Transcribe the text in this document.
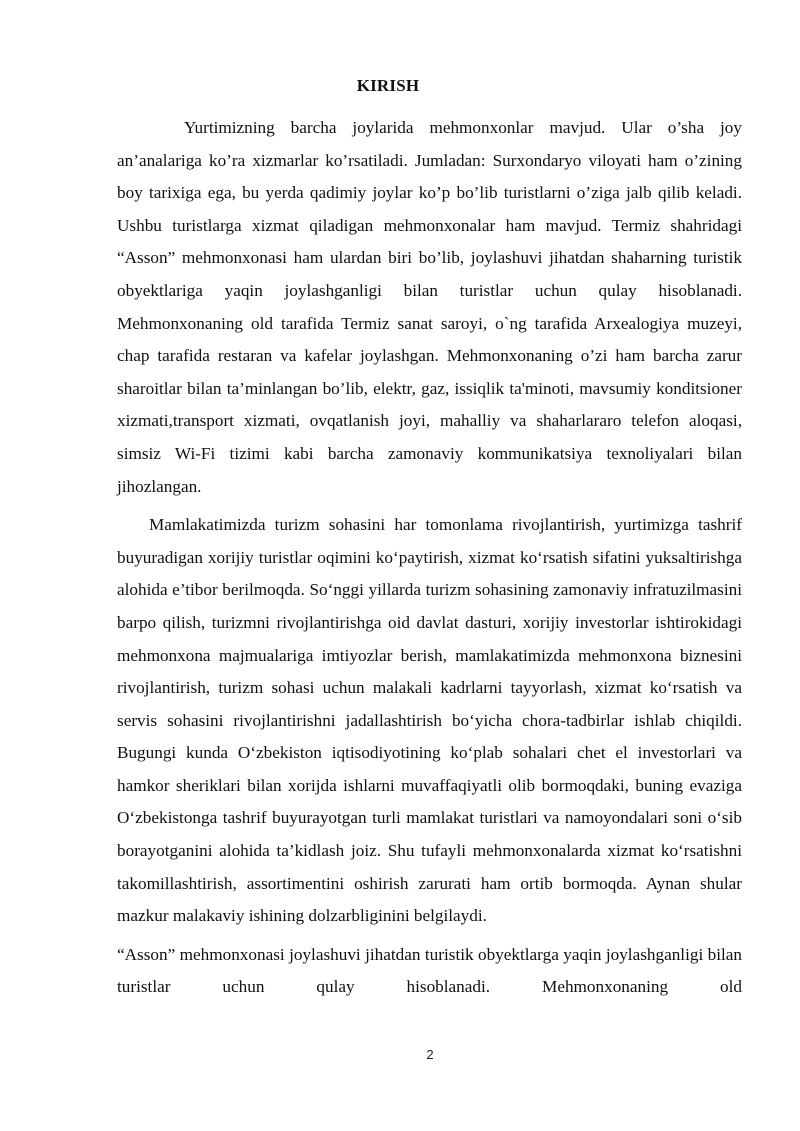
KIRISH

Yurtimizning barcha joylarida mehmonxonlar mavjud. Ular o’sha joy an’analariga ko’ra xizmarlar ko’rsatiladi. Jumladan: Surxondaryo viloyati ham o’zining boy tarixiga ega, bu yerda qadimiy joylar ko’p bo’lib turistlarni o’ziga jalb qilib keladi. Ushbu turistlarga xizmat qiladigan mehmonxonalar ham mavjud. Termiz shahridagi “Asson” mehmonxonasi ham ulardan biri bo’lib, joylashuvi jihatdan shaharning turistik obyektlariga yaqin joylashganligi bilan turistlar uchun qulay hisoblanadi. Mehmonxonaning old tarafida Termiz sanat saroyi, o`ng tarafida Arxealogiya muzeyi, chap tarafida restaran va kafelar joylashgan. Mehmonxonaning o’zi ham barcha zarur sharoitlar bilan ta’minlangan bo’lib, elektr, gaz, issiqlik ta'minoti, mavsumiy konditsioner xizmati,transport xizmati, ovqatlanish joyi, mahalliy va shaharlararo telefon aloqasi, simsiz Wi-Fi tizimi kabi barcha zamonaviy kommunikatsiya texnoliyalari bilan jihozlangan.

Mamlakatimizda turizm sohasini har tomonlama rivojlantirish, yurtimizga tashrif buyuradigan xorijiy turistlar oqimini ko‘paytirish, xizmat ko‘rsatish sifatini yuksaltirishga alohida e’tibor berilmoqda. So‘nggi yillarda turizm sohasining zamonaviy infratuzilmasini barpo qilish, turizmni rivojlantirishga oid davlat dasturi, xorijiy investorlar ishtirokidagi mehmonxona majmualariga imtiyozlar berish, mamlakatimizda mehmonxona biznesini rivojlantirish, turizm sohasi uchun malakali kadrlarni tayyorlash, xizmat ko‘rsatish va servis sohasini rivojlantirishni jadallashtirish bo‘yicha chora-tadbirlar ishlab chiqildi. Bugungi kunda O‘zbekiston iqtisodiyotining ko‘plab sohalari chet el investorlari va hamkor sheriklari bilan xorijda ishlarni muvaffaqiyatli olib bormoqdaki, buning evaziga O‘zbekistonga tashrif buyurayotgan turli mamlakat turistlari va namoyondalari soni o‘sib borayotganini alohida ta’kidlash joiz. Shu tufayli mehmonxonalarda xizmat ko‘rsatishni takomillashtirish, assortimentini oshirish zarurati ham ortib bormoqda. Aynan shular mazkur malakaviy ishining dolzarbliginini belgilaydi.

“Asson” mehmonxonasi joylashuvi jihatdan turistik obyektlarga yaqin joylashganligi bilan turistlar uchun qulay hisoblanadi. Mehmonxonaning old

2
